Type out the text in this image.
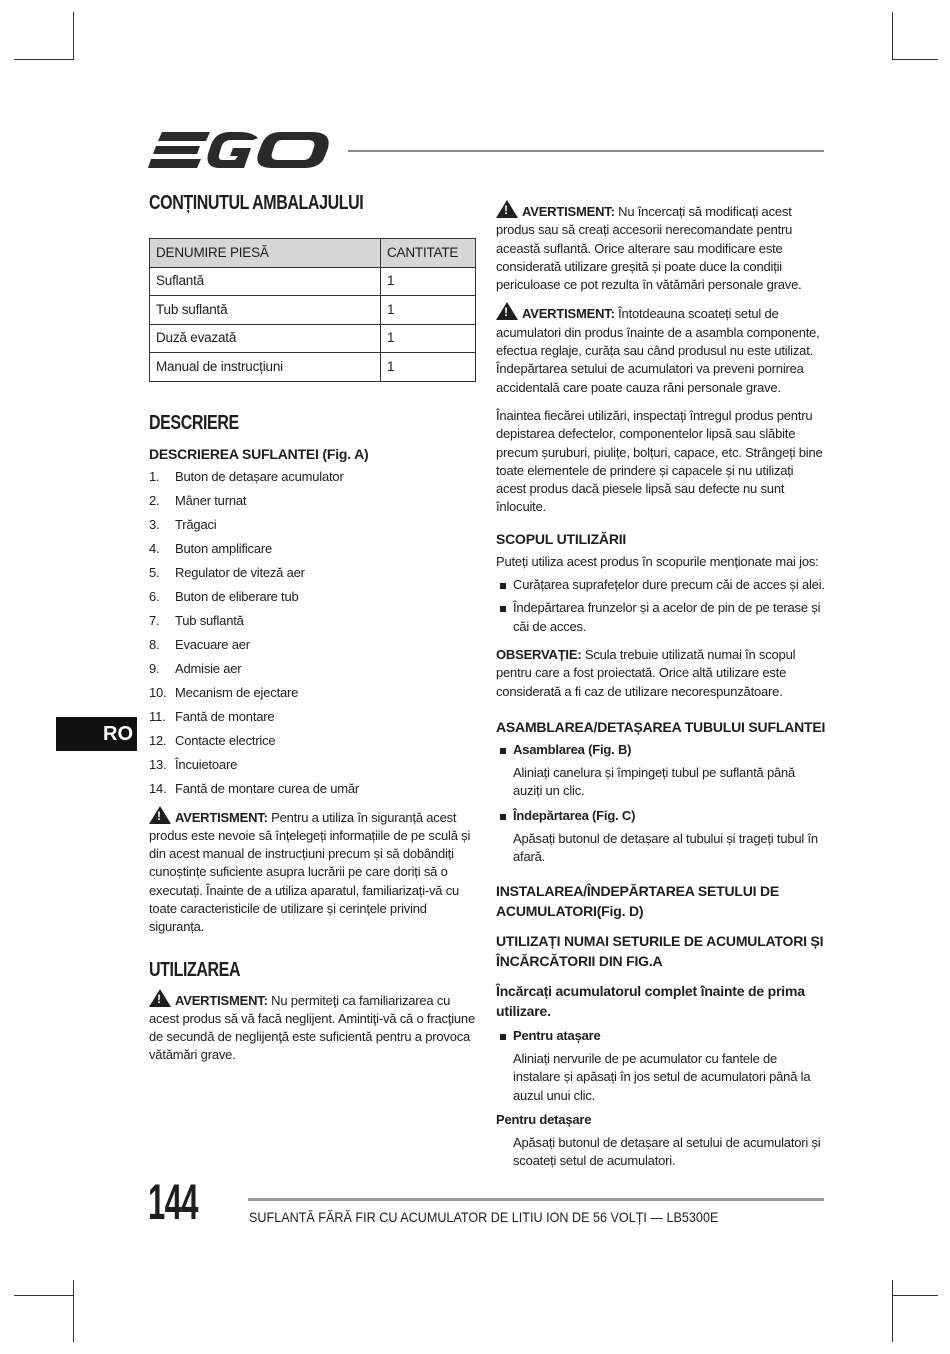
CONȚINUTUL AMBALAJULUI
DENUMIRE PIESĂ	CANTITATE
Suflantă	1
Tub suflantă	1
Duză evazată	1
Manual de instrucțiuni	1
DESCRIERE
DESCRIEREA SUFLANTEI (Fig. A)
1.	Buton de detașare acumulator
2.	Mâner turnat
3.	Trăgaci
4.	Buton amplificare
5.	Regulator de viteză aer
6.	Buton de eliberare tub
7.	Tub suflantă
8.	Evacuare aer
9.	Admisie aer
10. Mecanism de ejectare
11. Fantă de montare
12. Contacte electrice
13. Încuietoare
14. Fantă de montare curea de umăr

!AVERTISMENT: Pentru a utiliza în siguranță acest produs este nevoie să înțelegeți informațiile de pe sculă și din acest manual de instrucțiuni precum și să dobândiți cunoștințe suficiente asupra lucrării pe care doriți să o executați. Înainte de a utiliza aparatul, familiarizați-vă cu toate caracteristicile de utilizare și cerințele privind siguranța.

UTILIZAREA

!AVERTISMENT: Nu permiteţi ca familiarizarea cu acest produs să vă facă neglijent. Amintiţi-vă că o fracţiune de secundă de neglijenţă este suficientă pentru a provoca vătămări grave.

!AVERTISMENT: Nu încercați să modificați acest produs sau să creați accesorii nerecomandate pentru această suflantă. Orice alterare sau modificare este considerată utilizare greșită și poate duce la condiții periculoase ce pot rezulta în vătămări personale grave.

!AVERTISMENT: Întotdeauna scoateți setul de acumulatori din produs înainte de a asambla componente, efectua reglaje, curăța sau când produsul nu este utilizat. Îndepărtarea setului de acumulatori va preveni pornirea accidentală care poate cauza răni personale grave.

Înaintea fiecărei utilizări, inspectați întregul produs pentru depistarea defectelor, componentelor lipsă sau slăbite precum șuruburi, piulițe, bolțuri, capace, etc. Strângeți bine toate elementele de prindere și capacele și nu utilizați acest produs dacă piesele lipsă sau defecte nu sunt înlocuite.

SCOPUL UTILIZĂRII

Puteți utiliza acest produs în scopurile menționate mai jos:

Curățarea suprafețelor dure precum căi de acces și alei.
Îndepărtarea frunzelor și a acelor de pin de pe terase și căi de acces.

OBSERVAȚIE: Scula trebuie utilizată numai în scopul pentru care a fost proiectată. Orice altă utilizare este considerată a fi caz de utilizare necorespunzătoare.

ASAMBLAREA/DETAȘAREA TUBULUI SUFLANTEI
Asamblarea (Fig. B)

Aliniați canelura și împingeți tubul pe suflantă până auziți un clic.

Îndepărtarea (Fig. C)

Apăsați butonul de detașare al tubului și trageți tubul în afară.

INSTALAREA/ÎNDEPĂRTAREA SETULUI DE ACUMULATORI(Fig. D)
UTILIZAȚI NUMAI SETURILE DE ACUMULATORI ȘI ÎNCĂRCĂTORII DIN FIG.A
Încărcați acumulatorul complet înainte de prima utilizare.
Pentru atașare

Aliniați nervurile de pe acumulator cu fantele de instalare și apăsați în jos setul de acumulatori până la auzul unui clic.

Pentru detașare

Apăsați butonul de detașare al setului de acumulatori și scoateți setul de acumulatori.

RO
144	SUFLANTĂ FĂRĂ FIR CU ACUMULATOR DE LITIU ION DE 56 VOLȚI — LB5300E
